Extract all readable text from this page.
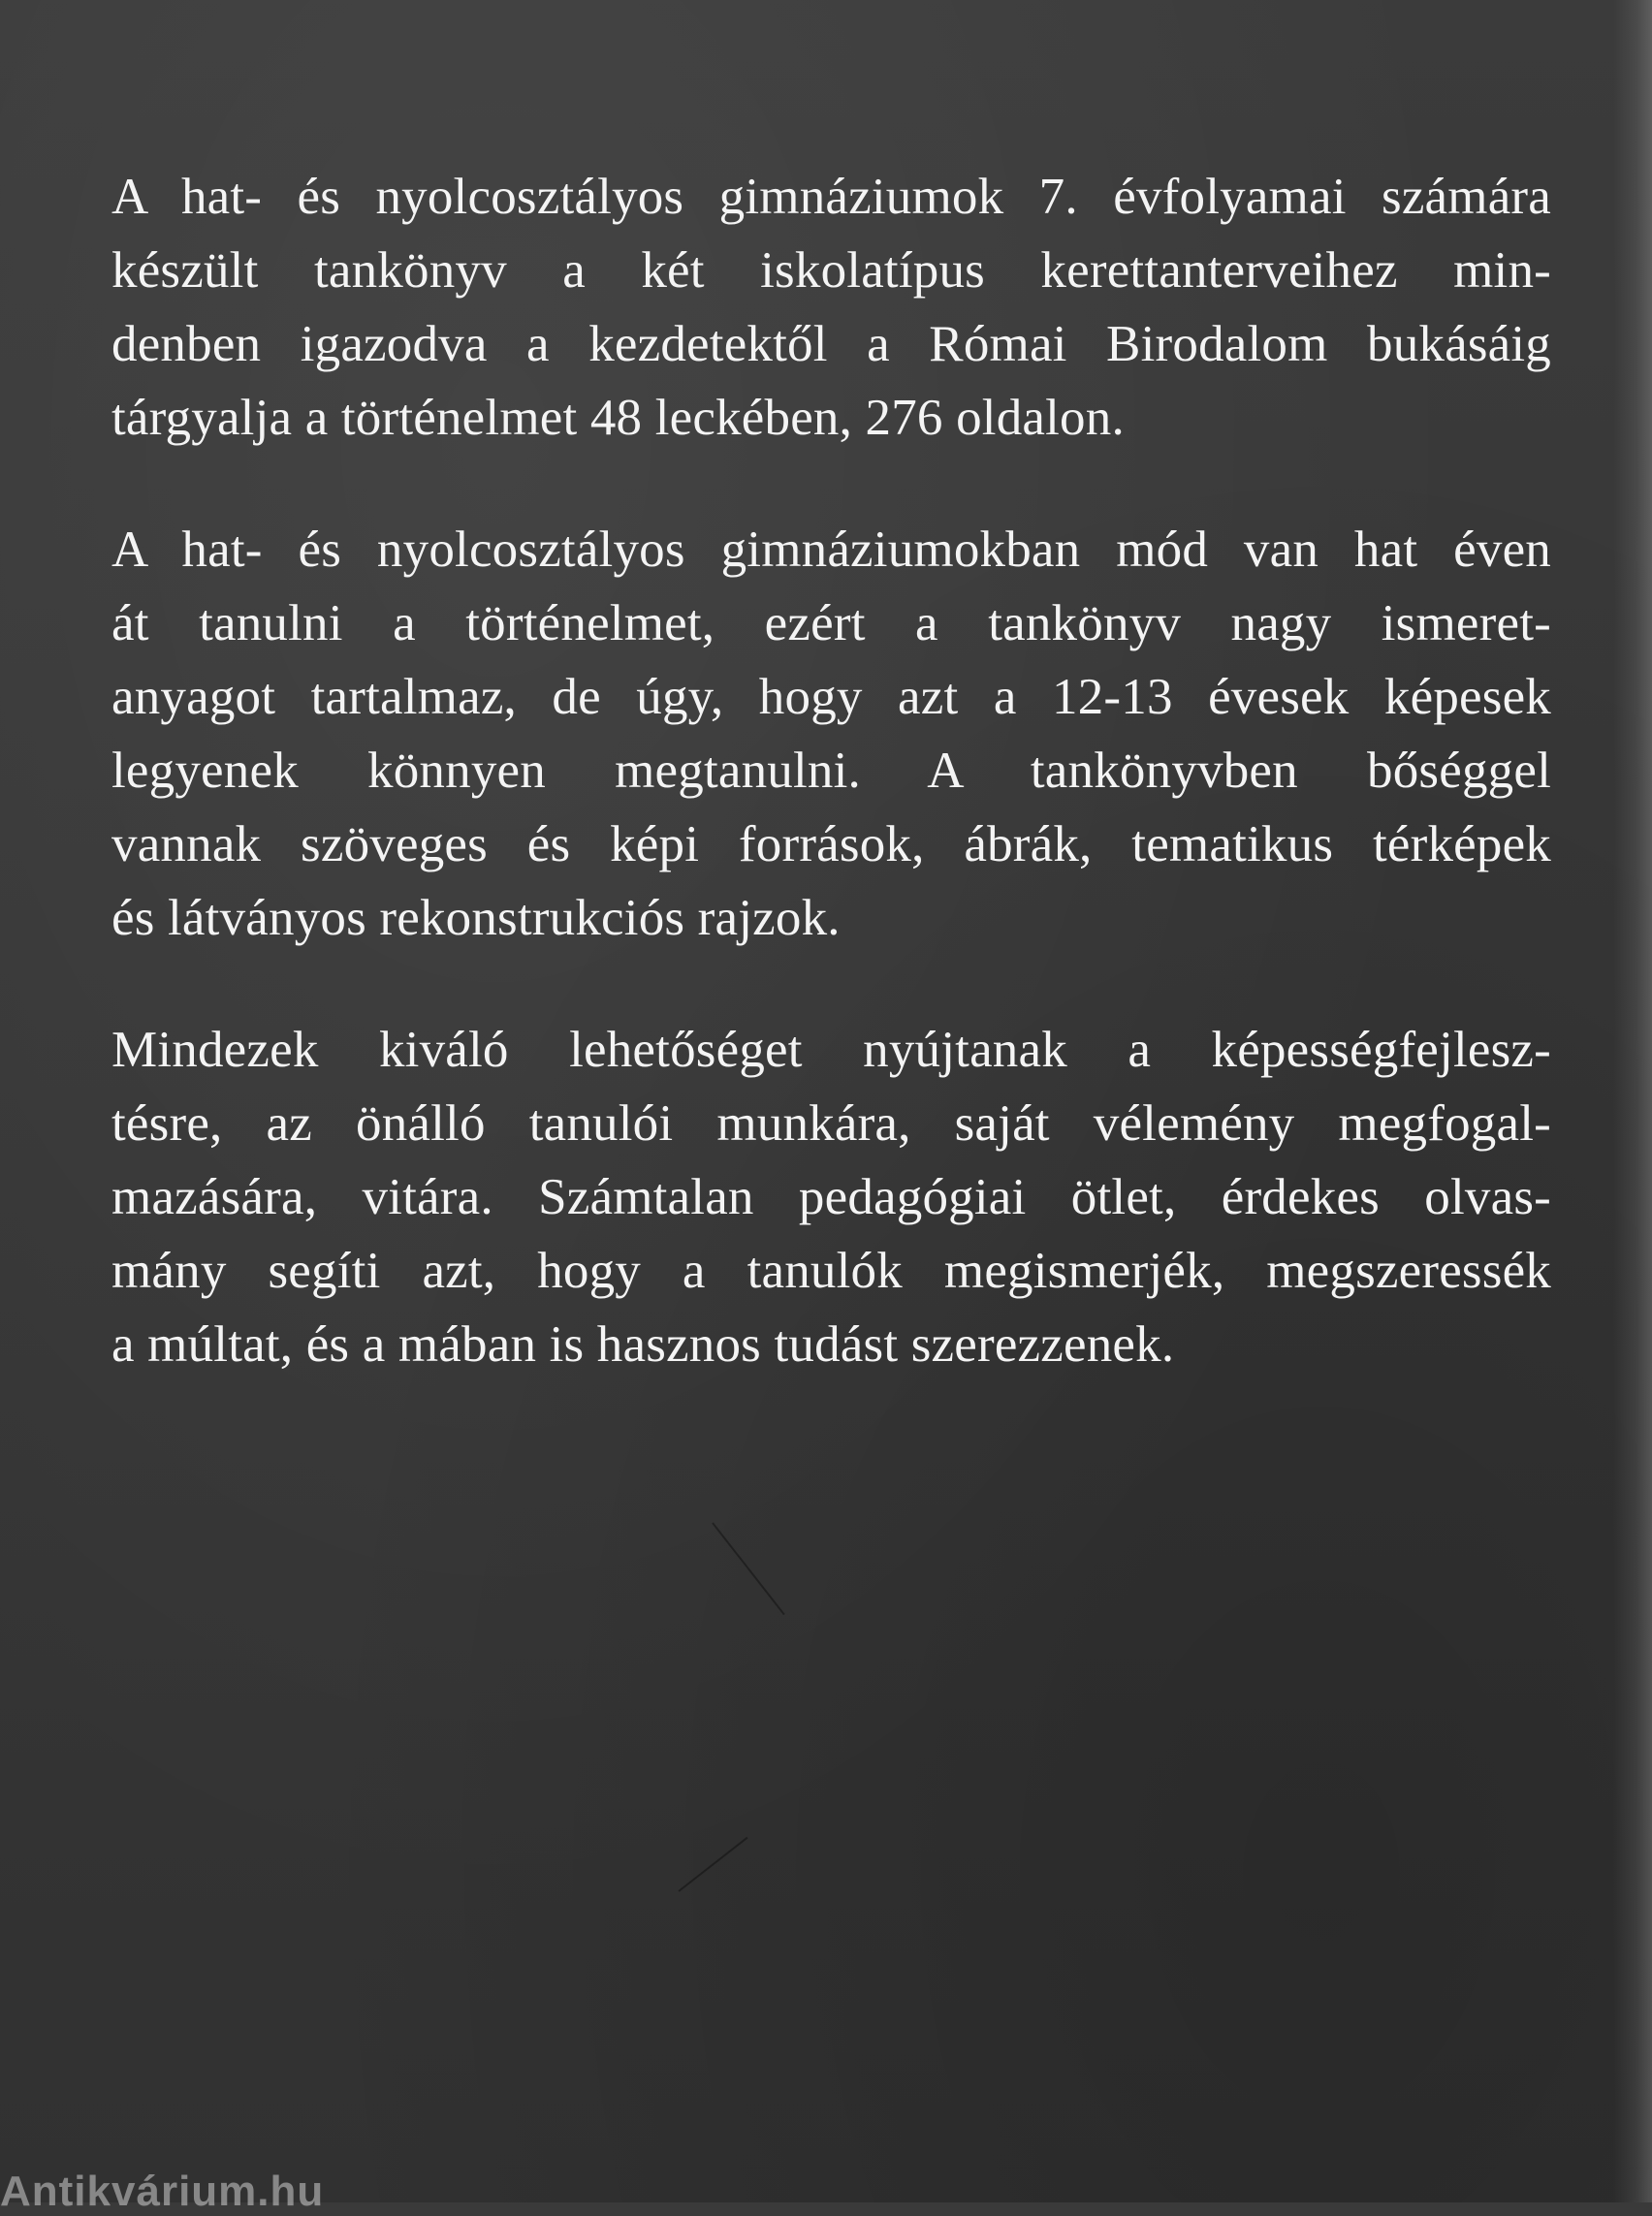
A hat- és nyolcosztályos gimnáziumok 7. évfolyamai számára
készült tankönyv a két iskolatípus kerettanterveihez min-
denben igazodva a kezdetektől a Római Birodalom bukásáig
tárgyalja a történelmet 48 leckében, 276 oldalon.
A hat- és nyolcosztályos gimnáziumokban mód van hat éven
át tanulni a történelmet, ezért a tankönyv nagy ismeret-
anyagot tartalmaz, de úgy, hogy azt a 12-13 évesek képesek
legyenek könnyen megtanulni. A tankönyvben bőséggel
vannak szöveges és képi források, ábrák, tematikus térképek
és látványos rekonstrukciós rajzok.
Mindezek kiváló lehetőséget nyújtanak a képességfejlesz-
tésre, az önálló tanulói munkára, saját vélemény megfogal-
mazására, vitára. Számtalan pedagógiai ötlet, érdekes olvas-
mány segíti azt, hogy a tanulók megismerjék, megszeressék
a múltat, és a mában is hasznos tudást szerezzenek.
Antikvárium.hu
